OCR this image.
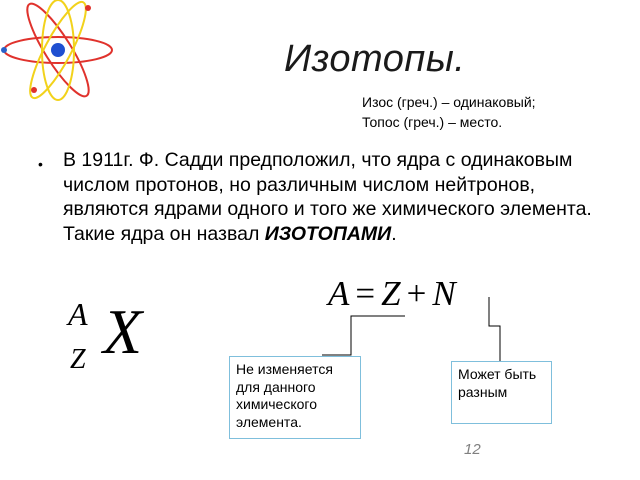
Изотопы.
Изос (греч.) – одинаковый;
Топос (греч.) – место.
• В 1911г. Ф. Садди предположил, что ядра с одинаковым числом протонов, но различным числом нейтронов, являются ядрами одного и того же химического элемента. Такие ядра он назвал ИЗОТОПАМИ.
A
Z X
A = Z + N
Не изменяется для данного химического элемента.
Может быть разным
12
